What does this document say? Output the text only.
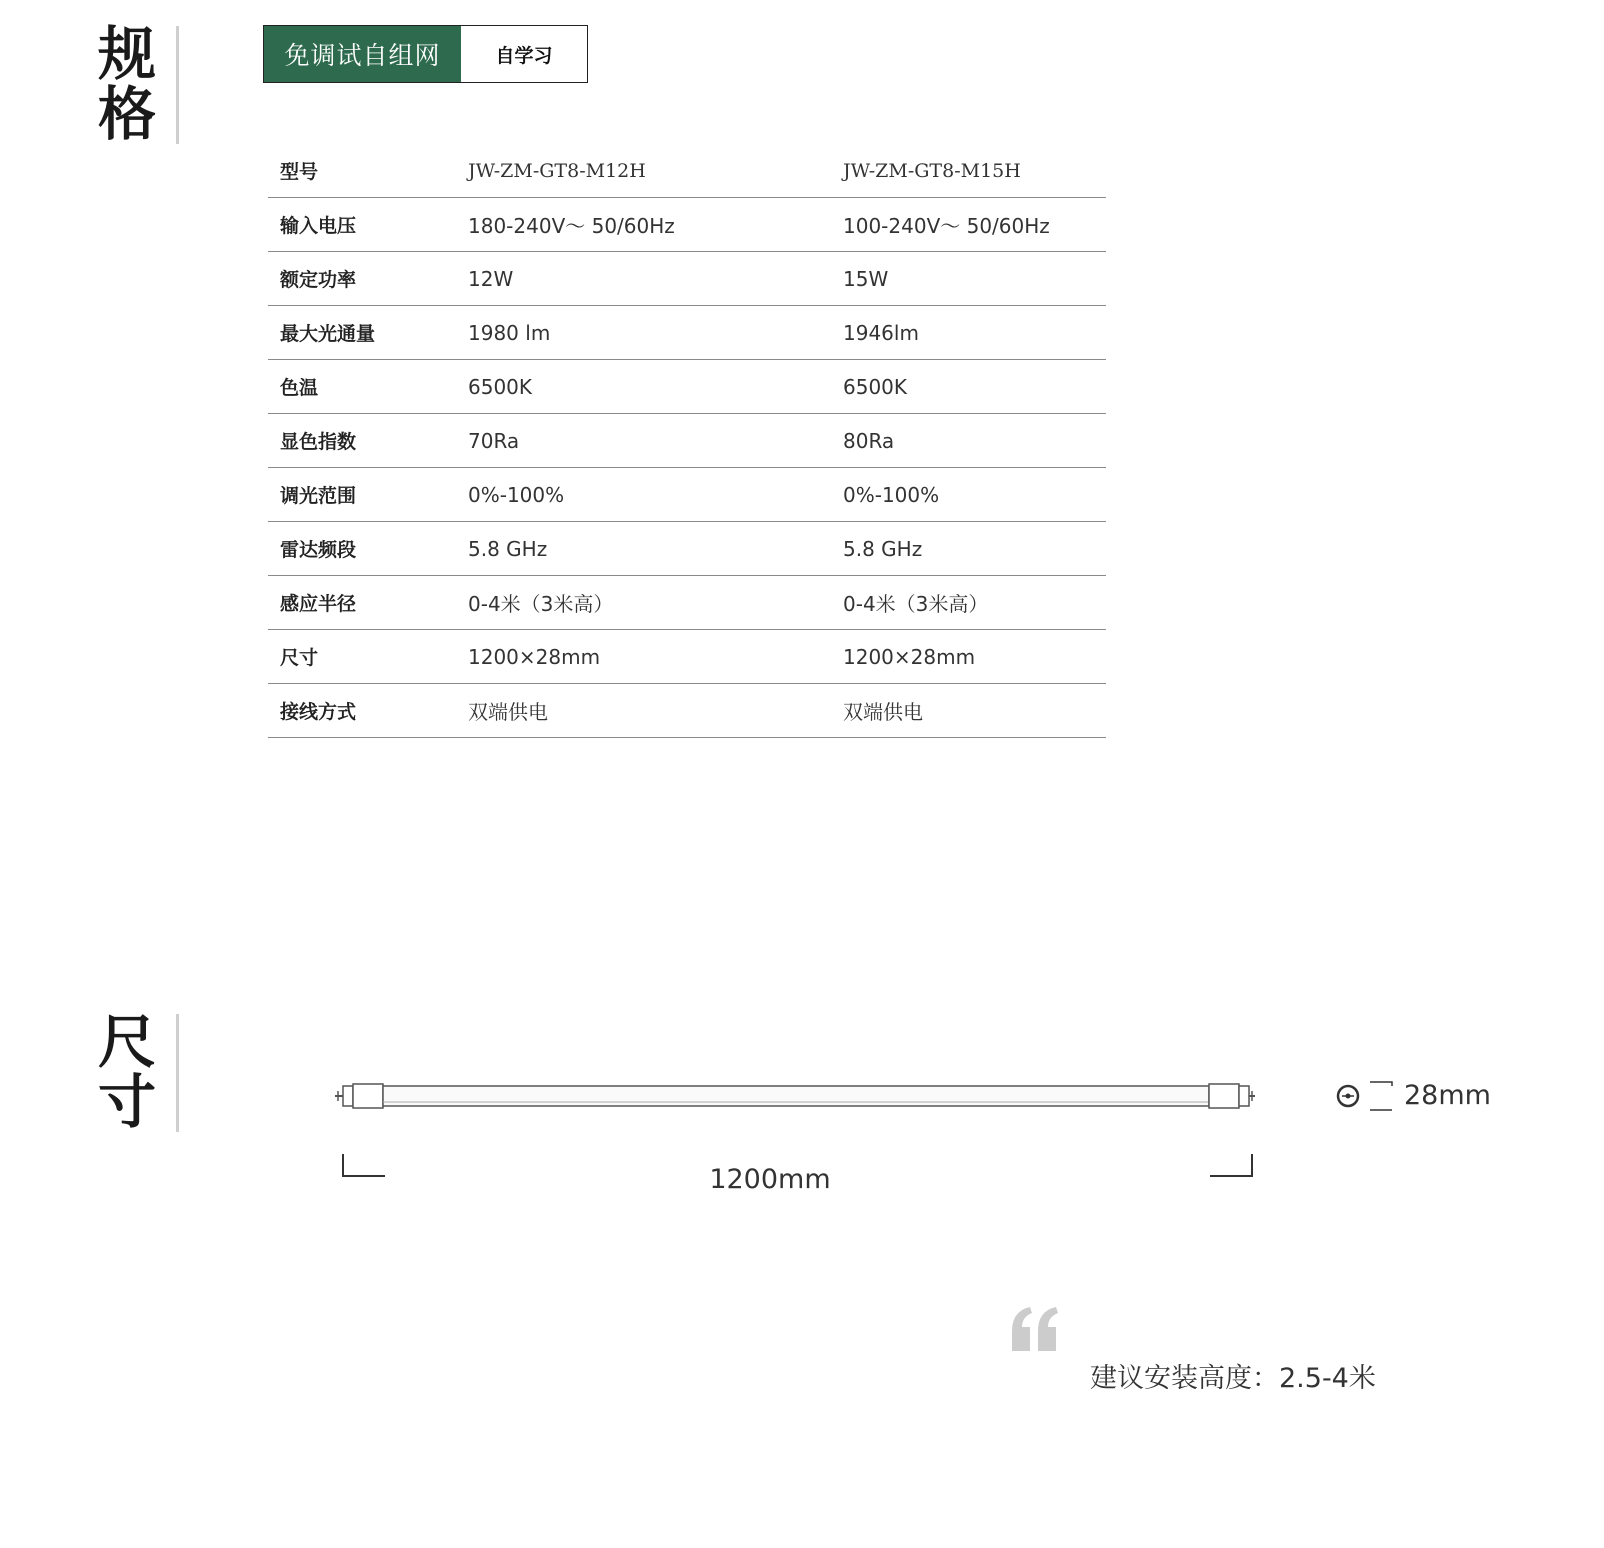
规
格
免调试自组网	自学习
型号	JW-ZM-GT8-M12H	JW-ZM-GT8-M15H
输入电压	180-240V～ 50/60Hz	100-240V～ 50/60Hz
额定功率	12W	15W
最大光通量	1980 lm	1946lm
色温	6500K	6500K
显色指数	70Ra	80Ra
调光范围	0%-100%	0%-100%
雷达频段	5.8 GHz	5.8 GHz
感应半径	0-4米（3米高）	0-4米（3米高）
尺寸	1200×28mm	1200×28mm
接线方式	双端供电	双端供电
尺
寸
1200mm
28mm
建议安装高度：2.5-4米
